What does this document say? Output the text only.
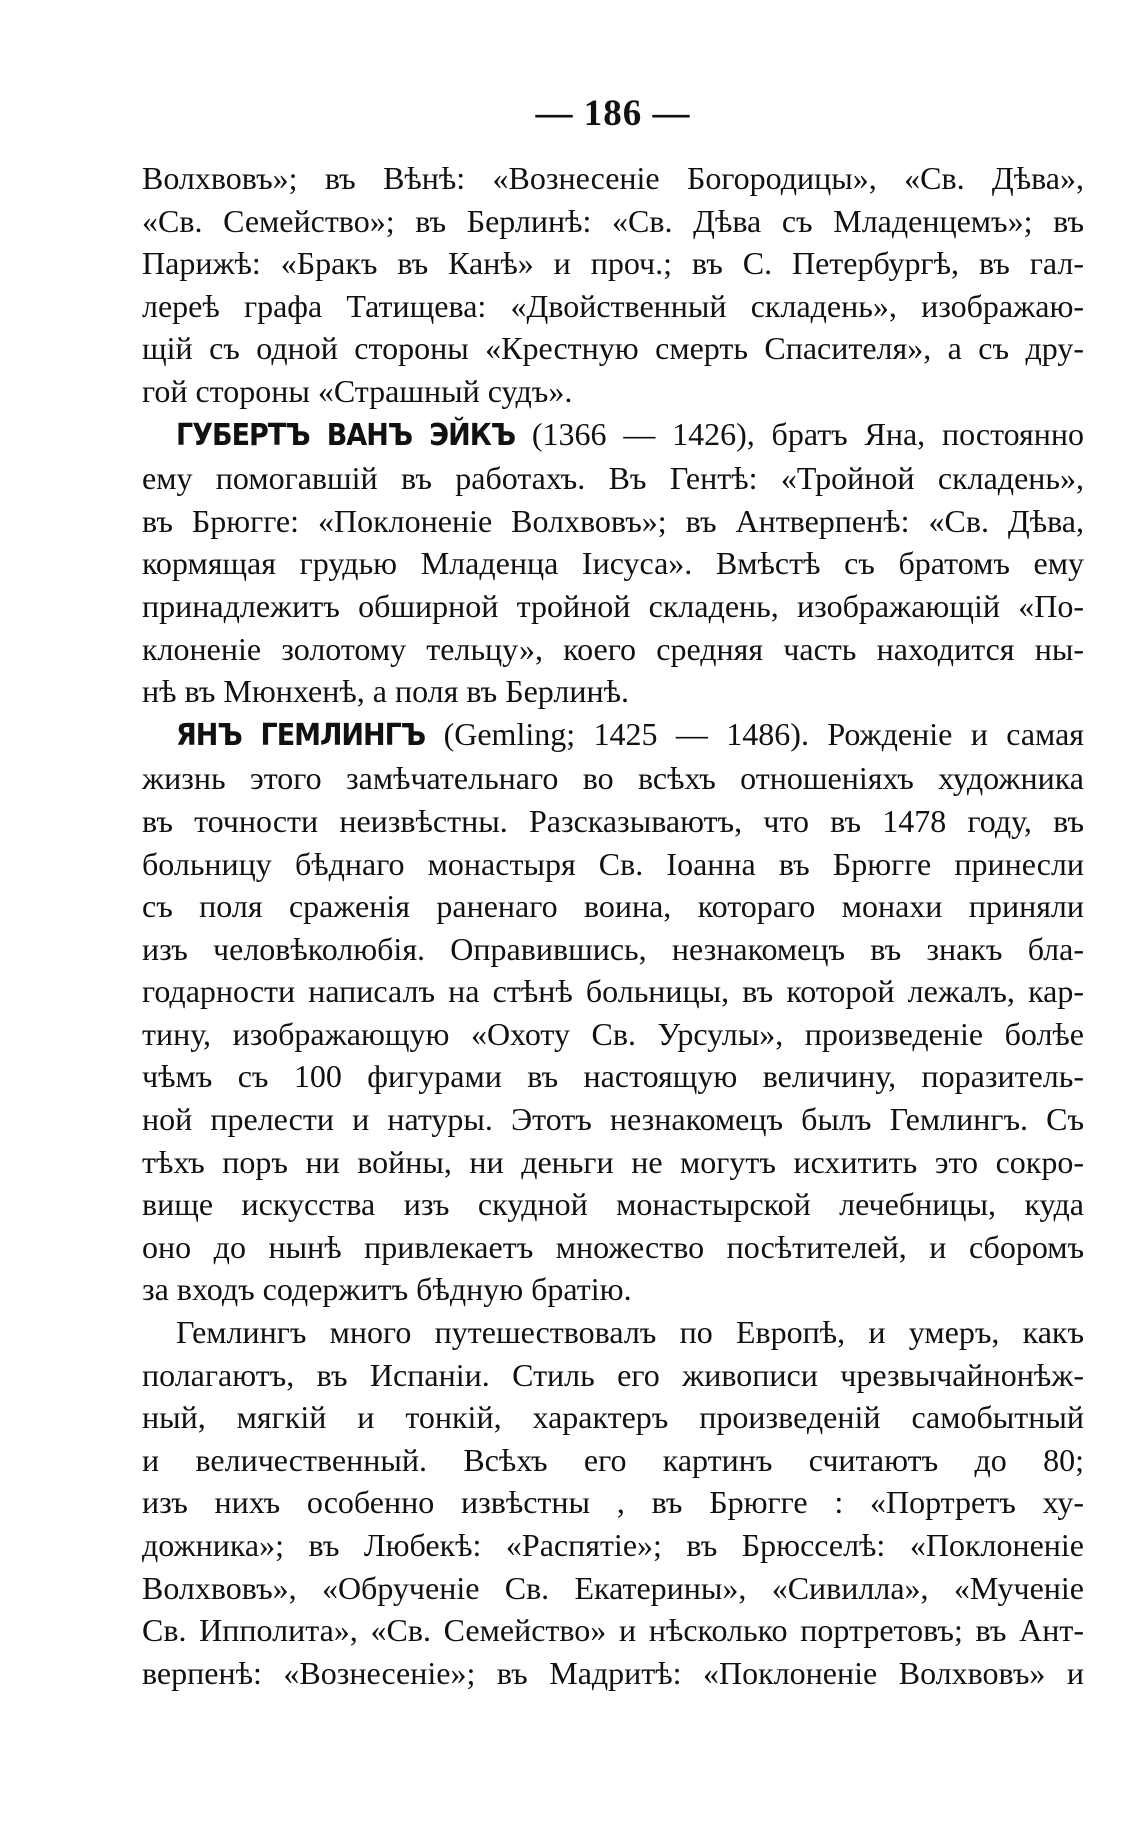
— 186 —
Волхвовъ»; въ Вѣнѣ: «Вознесеніе Богородицы», «Св. Дѣва»,
«Св. Семейство»; въ Берлинѣ: «Св. Дѣва съ Младенцемъ»; въ
Парижѣ: «Бракъ въ Канѣ» и проч.; въ С. Петербургѣ, въ гал-
лереѣ графа Татищева: «Двойственный складень», изображаю-
щій съ одной стороны «Крестную смерть Спасителя», а съ дру-
гой стороны «Страшный судъ».
ГУБЕРТЪ ВАНЪ ЭЙКЪ (1366 — 1426), братъ Яна, постоянно
ему помогавшій въ работахъ. Въ Гентѣ: «Тройной складень»,
въ Брюгге: «Поклоненіе Волхвовъ»; въ Антверпенѣ: «Св. Дѣва,
кормящая грудью Младенца Іисуса». Вмѣстѣ съ братомъ ему
принадлежитъ обширной тройной складень, изображающій «По-
клоненіе золотому тельцу», коего средняя часть находится ны-
нѣ въ Мюнхенѣ, а поля въ Берлинѣ.
ЯНЪ ГЕМЛИНГЪ (Gemling; 1425 — 1486). Рожденіе и самая
жизнь этого замѣчательнаго во всѣхъ отношеніяхъ художника
въ точности неизвѣстны. Разсказываютъ, что въ 1478 году, въ
больницу бѣднаго монастыря Св. Іоанна въ Брюгге принесли
съ поля сраженія раненаго воина, котораго монахи приняли
изъ человѣколюбія. Оправившись, незнакомецъ въ знакъ бла-
годарности написалъ на стѣнѣ больницы, въ которой лежалъ, кар-
тину, изображающую «Охоту Св. Урсулы», произведеніе болѣе
чѣмъ съ 100 фигурами въ настоящую величину, поразитель-
ной прелести и натуры. Этотъ незнакомецъ былъ Гемлингъ. Съ
тѣхъ поръ ни войны, ни деньги не могутъ исхитить это сокро-
вище искусства изъ скудной монастырской лечебницы, куда
оно до нынѣ привлекаетъ множество посѣтителей, и сборомъ
за входъ содержитъ бѣдную братію.
Гемлингъ много путешествовалъ по Европѣ, и умеръ, какъ
полагаютъ, въ Испаніи. Стиль его живописи чрезвычайнонѣж-
ный, мягкій и тонкій, характеръ произведеній самобытный
и величественный. Всѣхъ его картинъ считаютъ до 80;
изъ нихъ особенно извѣстны , въ Брюгге : «Портретъ ху-
дожника»; въ Любекѣ: «Распятіе»; въ Брюсселѣ: «Поклоненіе
Волхвовъ», «Обрученіе Св. Екатерины», «Сивилла», «Мученіе
Св. Ипполита», «Св. Семейство» и нѣсколько портретовъ; въ Ант-
верпенѣ: «Вознесеніе»; въ Мадритѣ: «Поклоненіе Волхвовъ» и
